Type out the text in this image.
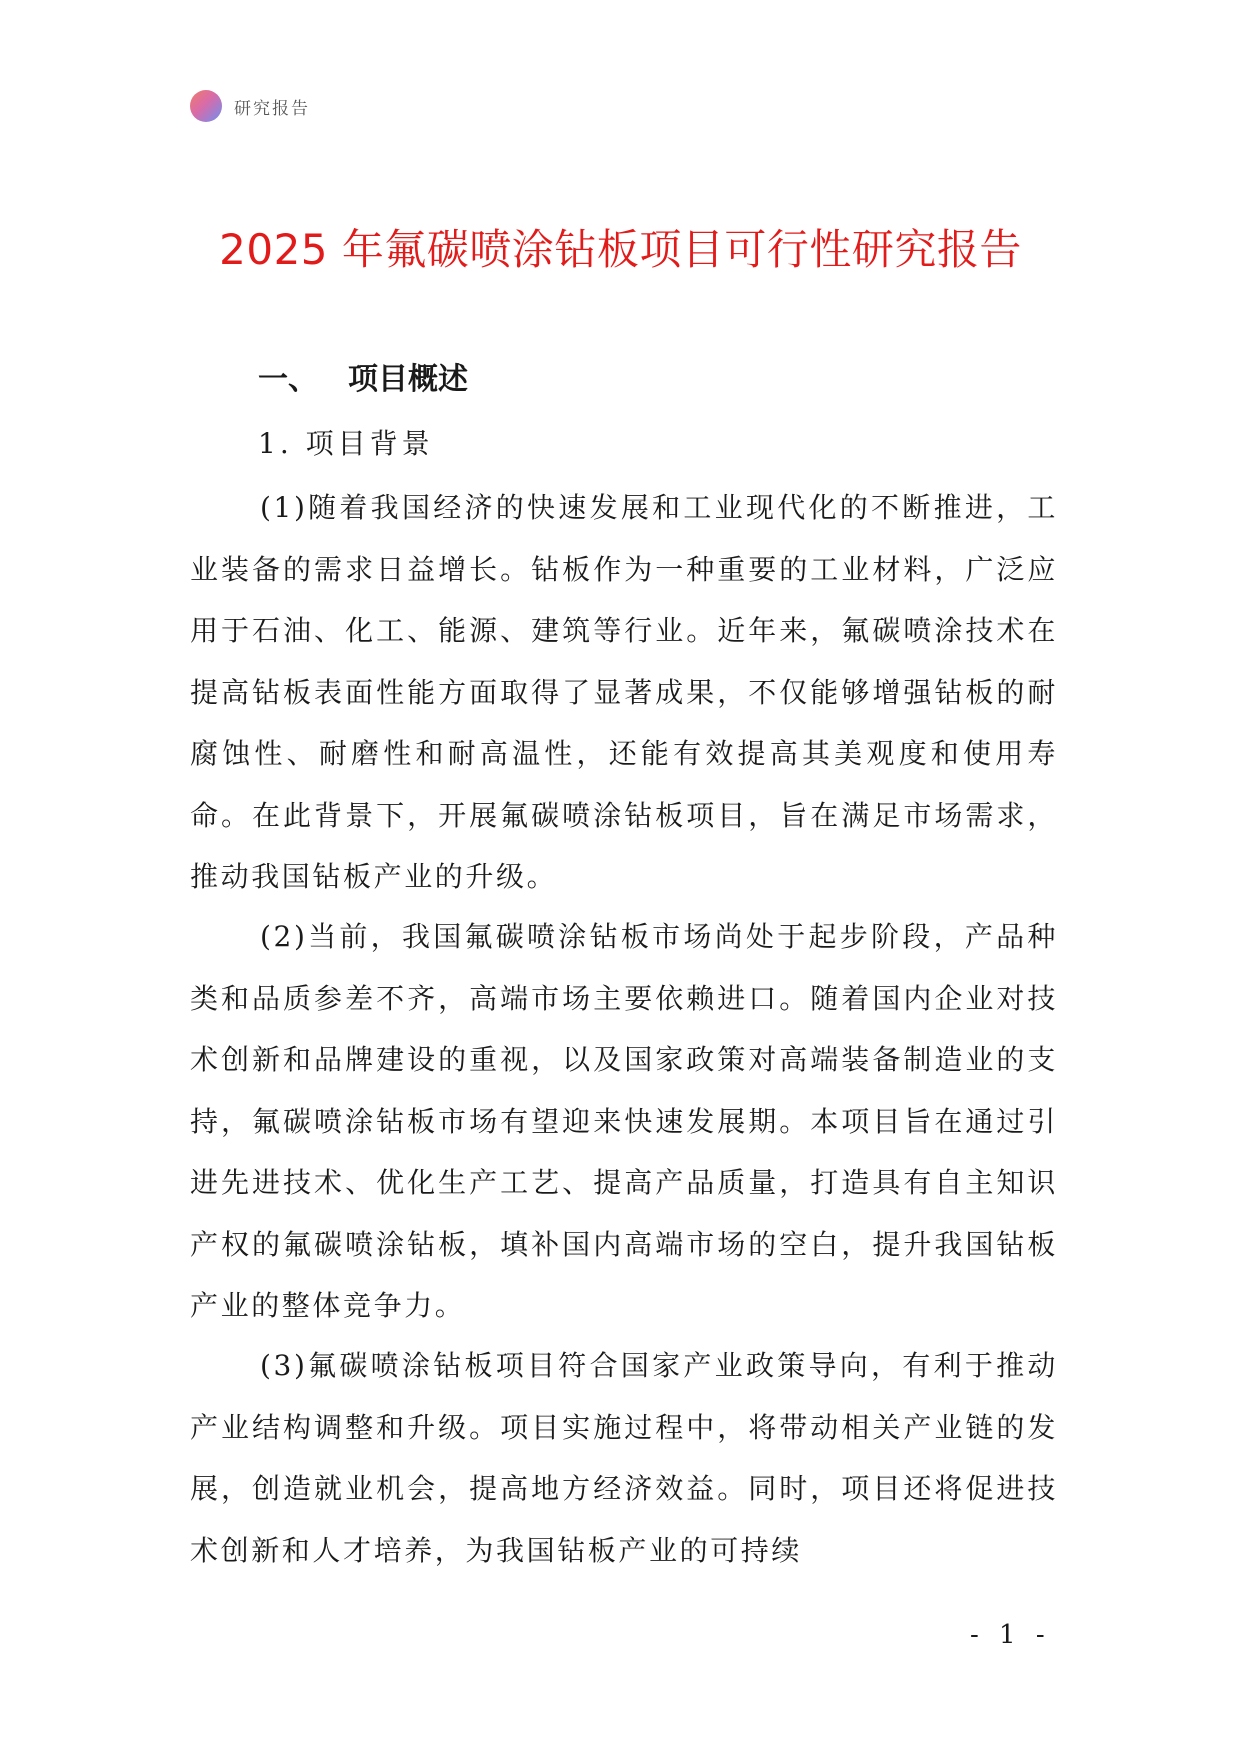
研究报告
2025 年氟碳喷涂钻板项目可行性研究报告
一、 项目概述
1. 项目背景

(1)随着我国经济的快速发展和工业现代化的不断推进，工业装备的需求日益增长。钻板作为一种重要的工业材料，广泛应用于石油、化工、能源、建筑等行业。近年来，氟碳喷涂技术在提高钻板表面性能方面取得了显著成果，不仅能够增强钻板的耐腐蚀性、耐磨性和耐高温性，还能有效提高其美观度和使用寿命。在此背景下，开展氟碳喷涂钻板项目，旨在满足市场需求，推动我国钻板产业的升级。

(2)当前，我国氟碳喷涂钻板市场尚处于起步阶段，产品种类和品质参差不齐，高端市场主要依赖进口。随着国内企业对技术创新和品牌建设的重视，以及国家政策对高端装备制造业的支持，氟碳喷涂钻板市场有望迎来快速发展期。本项目旨在通过引进先进技术、优化生产工艺、提高产品质量，打造具有自主知识产权的氟碳喷涂钻板，填补国内高端市场的空白，提升我国钻板产业的整体竞争力。

(3)氟碳喷涂钻板项目符合国家产业政策导向，有利于推动产业结构调整和升级。项目实施过程中，将带动相关产业链的发展，创造就业机会，提高地方经济效益。同时，项目还将促进技术创新和人才培养，为我国钻板产业的可持续

- 1 -
